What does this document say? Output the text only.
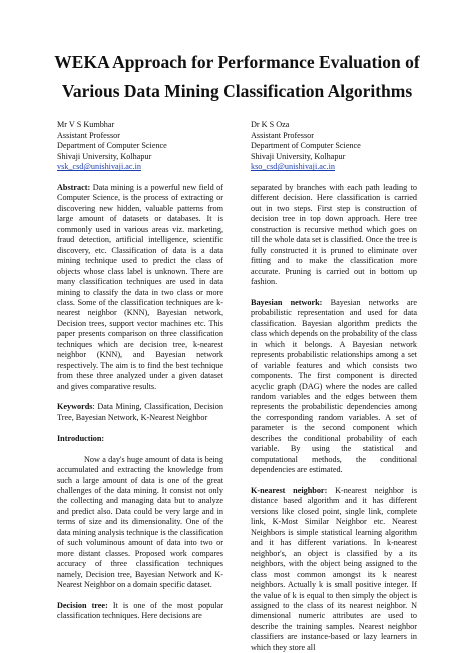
WEKA Approach for Performance Evaluation of
Various Data Mining Classification Algorithms
Mr V S Kumbhar
Assistant Professor
Department of Computer Science
Shivaji University, Kolhapur
vsk_csd@unishivaji.ac.in
Dr K S Oza
Assistant Professor
Department of Computer Science
Shivaji University, Kolhapur
kso_csd@unishivaji.ac.in

Abstract: Data mining is a powerful new field of Computer Science, is the process of extracting or discovering new hidden, valuable patterns from large amount of datasets or databases. It is commonly used in various areas viz. marketing, fraud detection, artificial intelligence, scientific discovery, etc. Classification of data is a data mining technique used to predict the class of objects whose class label is unknown. There are many classification techniques are used in data mining to classify the data in two class or more class. Some of the classification techniques are k-nearest neighbor (KNN), Bayesian network, Decision trees, support vector machines etc. This paper presents comparison on three classification techniques which are decision tree, k-nearest neighbor (KNN), and Bayesian network respectively. The aim is to find the best technique from these three analyzed under a given dataset and gives comparative results.

Keywords: Data Mining, Classification, Decision Tree, Bayesian Network, K-Nearest Neighbor

Introduction:

Now a day's huge amount of data is being accumulated and extracting the knowledge from such a large amount of data is one of the great challenges of the data mining. It consist not only the collecting and managing data but to analyze and predict also. Data could be very large and in terms of size and its dimensionality. One of the data mining analysis technique is the classification of such voluminous amount of data into two or more distant classes. Proposed work compares accuracy of three classification techniques namely, Decision tree, Bayesian Network and K-Nearest Neighbor on a domain specific dataset.

Decision tree: It is one of the most popular classification techniques. Here decisions are

separated by branches with each path leading to different decision. Here classification is carried out in two steps. First step is construction of decision tree in top down approach. Here tree construction is recursive method which goes on till the whole data set is classified. Once the tree is fully constructed it is pruned to eliminate over fitting and to make the classification more accurate. Pruning is carried out in bottom up fashion.

Bayesian network: Bayesian networks are probabilistic representation and used for data classification. Bayesian algorithm predicts the class which depends on the probability of the class in which it belongs. A Bayesian network represents probabilistic relationships among a set of variable features and which consists two components. The first component is directed acyclic graph (DAG) where the nodes are called random variables and the edges between them represents the probabilistic dependencies among the corresponding random variables. A set of parameter is the second component which describes the conditional probability of each variable. By using the statistical and computational methods, the conditional dependencies are estimated.

K-nearest neighbor: K-nearest neighbor is distance based algorithm and it has different versions like closed point, single link, complete link, K-Most Similar Neighbor etc. Nearest Neighbors is simple statistical learning algorithm and it has different variations. In k-nearest neighbor's, an object is classified by a its neighbors, with the object being assigned to the class most common amongst its k nearest neighbors. Actually k is small positive integer. If the value of k is equal to then simply the object is assigned to the class of its nearest neighbor. N dimensional numeric attributes are used to describe the training samples. Nearest neighbor classifiers are instance-based or lazy learners in which they store all
